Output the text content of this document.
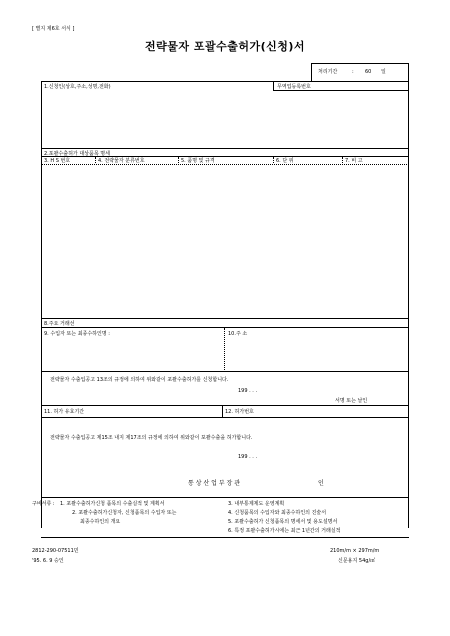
[ 별지 제6호 서식 ]
전략물자 포괄수출허가(신청)서
처리기간	: 60 일
1.신청인(상호,주소,성명,전화)	무역업등록번호
2.포괄수출허가 대상품목 명세
3. H S 번호	4. 전략물자 분류번호	5. 품명 및 규격	6. 단 위	7. 비 고
8.주요 거래선
9. 수입자 또는 최종수하인명 :	10.주 소
전략물자 수출입공고 13조의 규정에 의하여 위와같이 포괄수출허가를 신청합니다.
199 . . .
서명 또는 날인
11. 허가 유효기간	12. 허가번호
전략물자 수출입공고 제15조 내지 제17조의 규정에 의하여 위와같이 포괄수출을 허가합니다.
199 . . .
통 상 산 업 부 장 관	인
구비서류 : 1. 포괄수출허가신청 품목의 수출실적 및 계획서
2. 포괄수출허가신청자, 신청품목의 수입자 또는
최종수하인의 개요
3. 내부통제제도 운영계획
4. 신청품목의 수입자와 최종수하인의 진술서
5. 포괄수출허가 신청품목의 명세서 및 용도설명서
6. 특정 포괄수출허가시에는 최근 1년간의 거래실적
2812-290-07511민
'95. 6. 9 승인
210m/m × 297m/m
신문용지 54g/㎡
